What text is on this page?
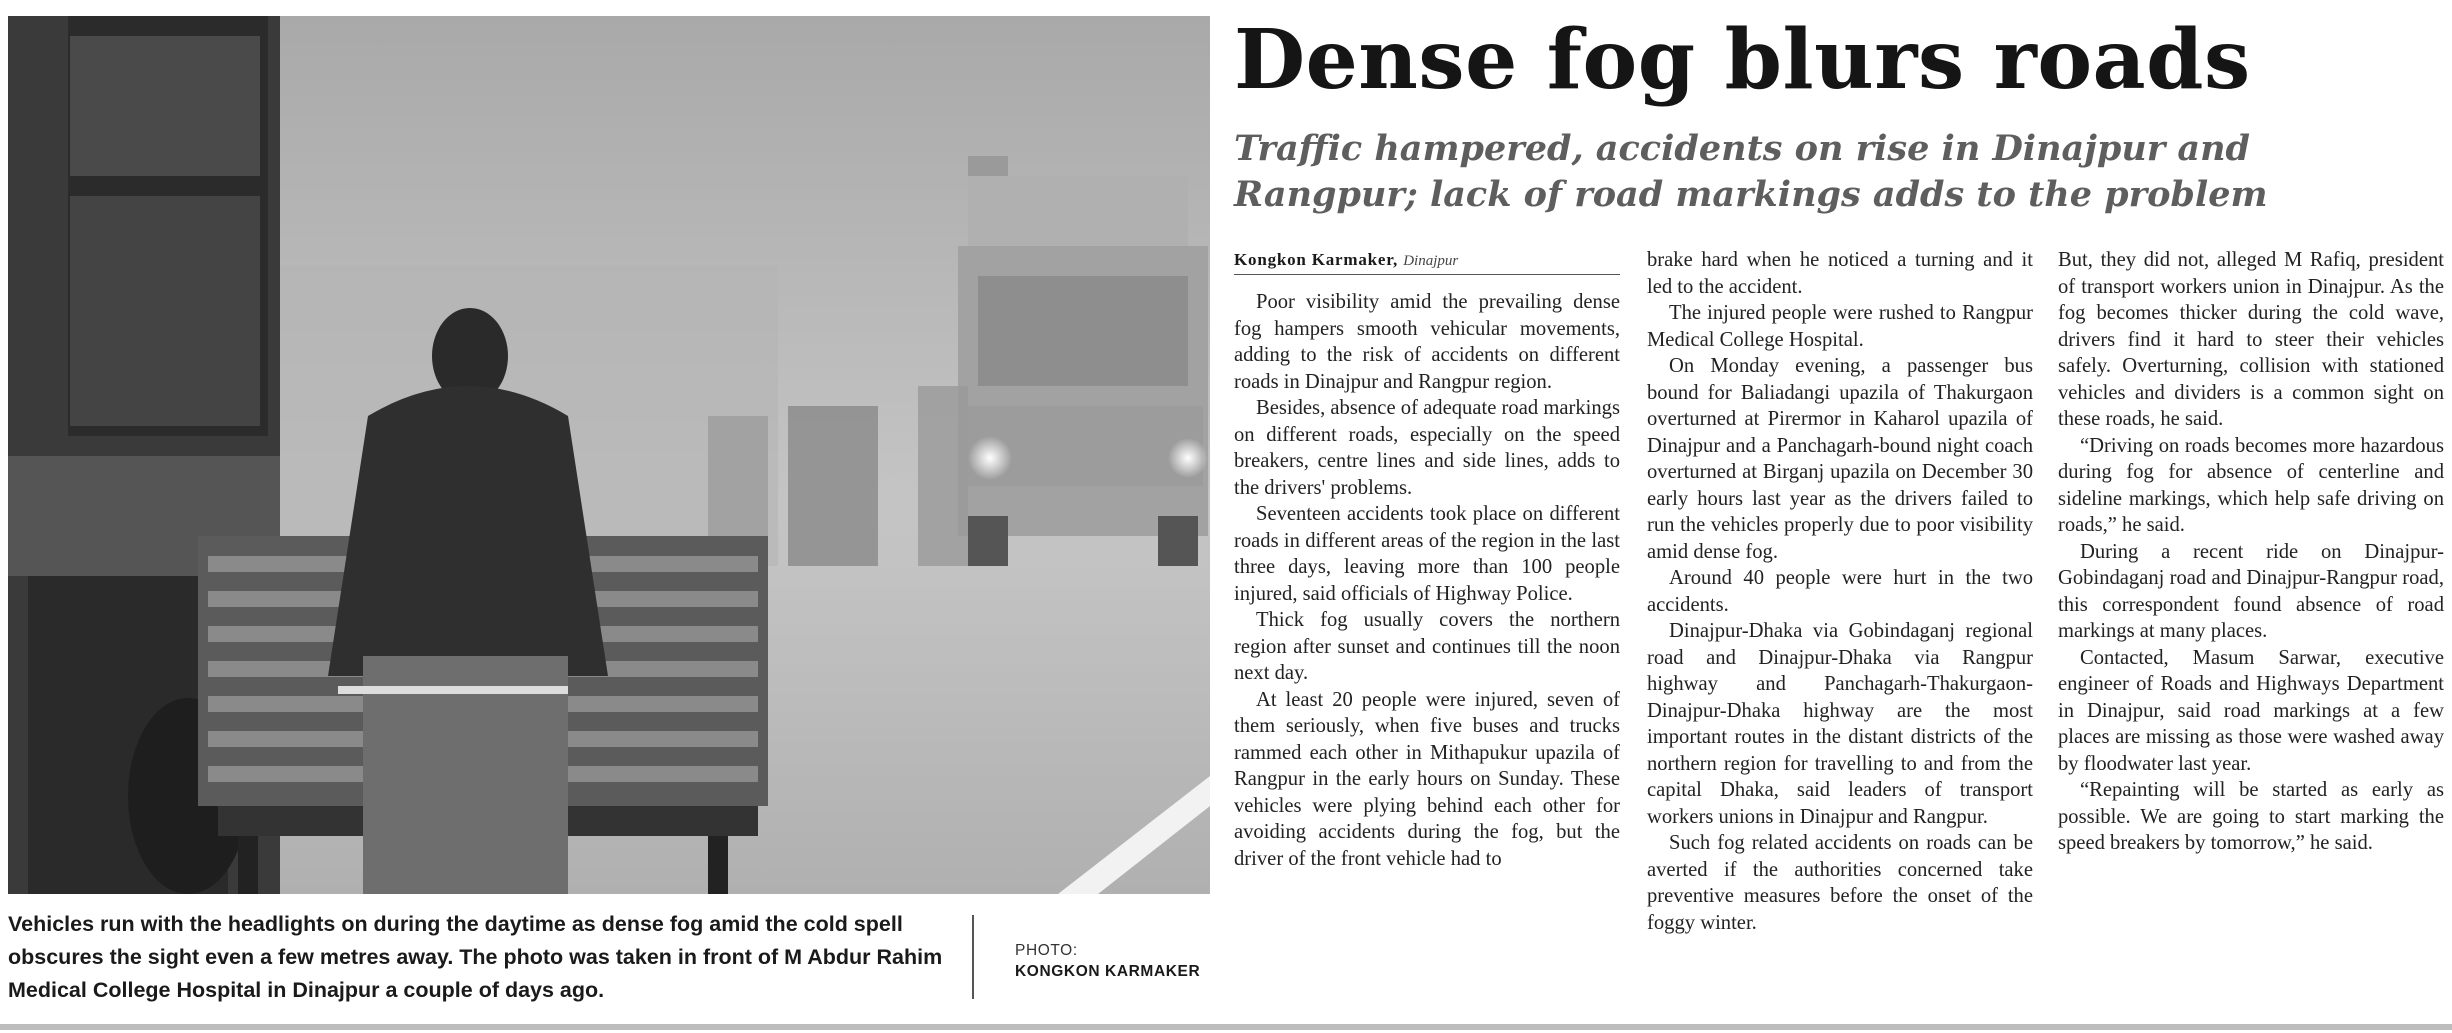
Vehicles run with the headlights on during the daytime as dense fog amid the cold spell obscures the sight even a few metres away. The photo was taken in front of M Abdur Rahim Medical College Hospital in Dinajpur a couple of days ago.
PHOTO:
KONGKON KARMAKER
Dense fog blurs roads
Traffic hampered, accidents on rise in Dinajpur and Rangpur; lack of road markings adds to the problem
Kongkon Karmaker, Dinajpur

Poor visibility amid the prevailing dense fog hampers smooth vehicular movements, adding to the risk of accidents on different roads in Dinajpur and Rangpur region.

Besides, absence of adequate road markings on different roads, especially on the speed breakers, centre lines and side lines, adds to the drivers' problems.

Seventeen accidents took place on different roads in different areas of the region in the last three days, leaving more than 100 people injured, said officials of Highway Police.

Thick fog usually covers the northern region after sunset and continues till the noon next day.

At least 20 people were injured, seven of them seriously, when five buses and trucks rammed each other in Mithapukur upazila of Rangpur in the early hours on Sunday. These vehicles were plying behind each other for avoiding accidents during the fog, but the driver of the front vehicle had to

brake hard when he noticed a turning and it led to the accident.

The injured people were rushed to Rangpur Medical College Hospital.

On Monday evening, a passenger bus bound for Baliadangi upazila of Thakurgaon overturned at Pirermor in Kaharol upazila of Dinajpur and a Panchagarh-bound night coach overturned at Birganj upazila on December 30 early hours last year as the drivers failed to run the vehicles properly due to poor visibility amid dense fog.

Around 40 people were hurt in the two accidents.

Dinajpur-Dhaka via Gobindaganj regional road and Dinajpur-Dhaka via Rangpur highway and Panchagarh-Thakurgaon-Dinajpur-Dhaka highway are the most important routes in the distant districts of the northern region for travelling to and from the capital Dhaka, said leaders of transport workers unions in Dinajpur and Rangpur.

Such fog related accidents on roads can be averted if the authorities concerned take preventive measures before the onset of the foggy winter.

But, they did not, alleged M Rafiq, president of transport workers union in Dinajpur. As the fog becomes thicker during the cold wave, drivers find it hard to steer their vehicles safely. Overturning, collision with stationed vehicles and dividers is a common sight on these roads, he said.

“Driving on roads becomes more hazardous during fog for absence of centerline and sideline markings, which help safe driving on roads,” he said.

During a recent ride on Dinajpur-Gobindaganj road and Dinajpur-Rangpur road, this correspondent found absence of road markings at many places.

Contacted, Masum Sarwar, executive engineer of Roads and Highways Department in Dinajpur, said road markings at a few places are missing as those were washed away by floodwater last year.

“Repainting will be started as early as possible. We are going to start marking the speed breakers by tomorrow,” he said.
